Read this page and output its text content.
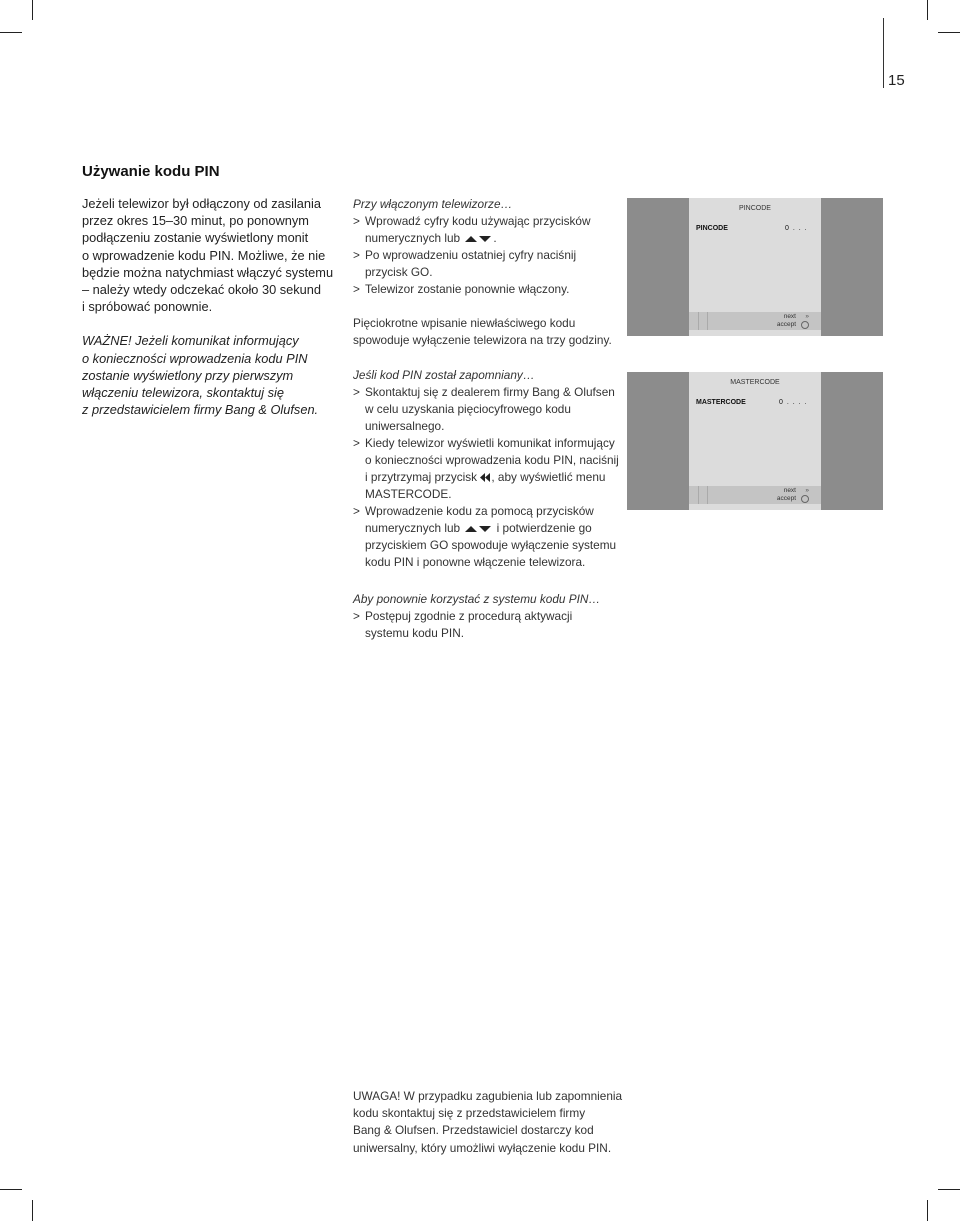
15
Używanie kodu PIN

Jeżeli telewizor był odłączony od zasilania
przez okres 15–30 minut, po ponownym
podłączeniu zostanie wyświetlony monit
o wprowadzenie kodu PIN. Możliwe, że nie
będzie można natychmiast włączyć systemu
– należy wtedy odczekać około 30 sekund
i spróbować ponownie.

WAŻNE! Jeżeli komunikat informujący
o konieczności wprowadzenia kodu PIN
zostanie wyświetlony przy pierwszym
włączeniu telewizora, skontaktuj się
z przedstawicielem firmy Bang & Olufsen.

Przy włączonym telewizorze…
> Wprowadź cyfry kodu używając przycisków
numerycznych lub	.
> Po wprowadzeniu ostatniej cyfry naciśnij
przycisk GO.
> Telewizor zostanie ponownie włączony.
Pięciokrotne wpisanie niewłaściwego kodu
spowoduje wyłączenie telewizora na trzy godziny.
Jeśli kod PIN został zapomniany…
> Skontaktuj się z dealerem firmy Bang & Olufsen
w celu uzyskania pięciocyfrowego kodu
uniwersalnego.
> Kiedy telewizor wyświetli komunikat informujący
o konieczności wprowadzenia kodu PIN, naciśnij
i przytrzymaj przycisk , aby wyświetlić menu
MASTERCODE.
> Wprowadzenie kodu za pomocą przycisków
numerycznych lub	i potwierdzenie go
przyciskiem GO spowoduje wyłączenie systemu
kodu PIN i ponowne włączenie telewizora.
Aby ponownie korzystać z systemu kodu PIN…
> Postępuj zgodnie z procedurą aktywacji
systemu kodu PIN.
UWAGA! W przypadku zagubienia lub zapomnienia
kodu skontaktuj się z przedstawicielem firmy
Bang & Olufsen. Przedstawiciel dostarczy kod
uniwersalny, który umożliwi wyłączenie kodu PIN.
PINCODE
PINCODE	0 . . .
next
accept
»
MASTERCODE
MASTERCODE	0 . . . .
next
accept
»
